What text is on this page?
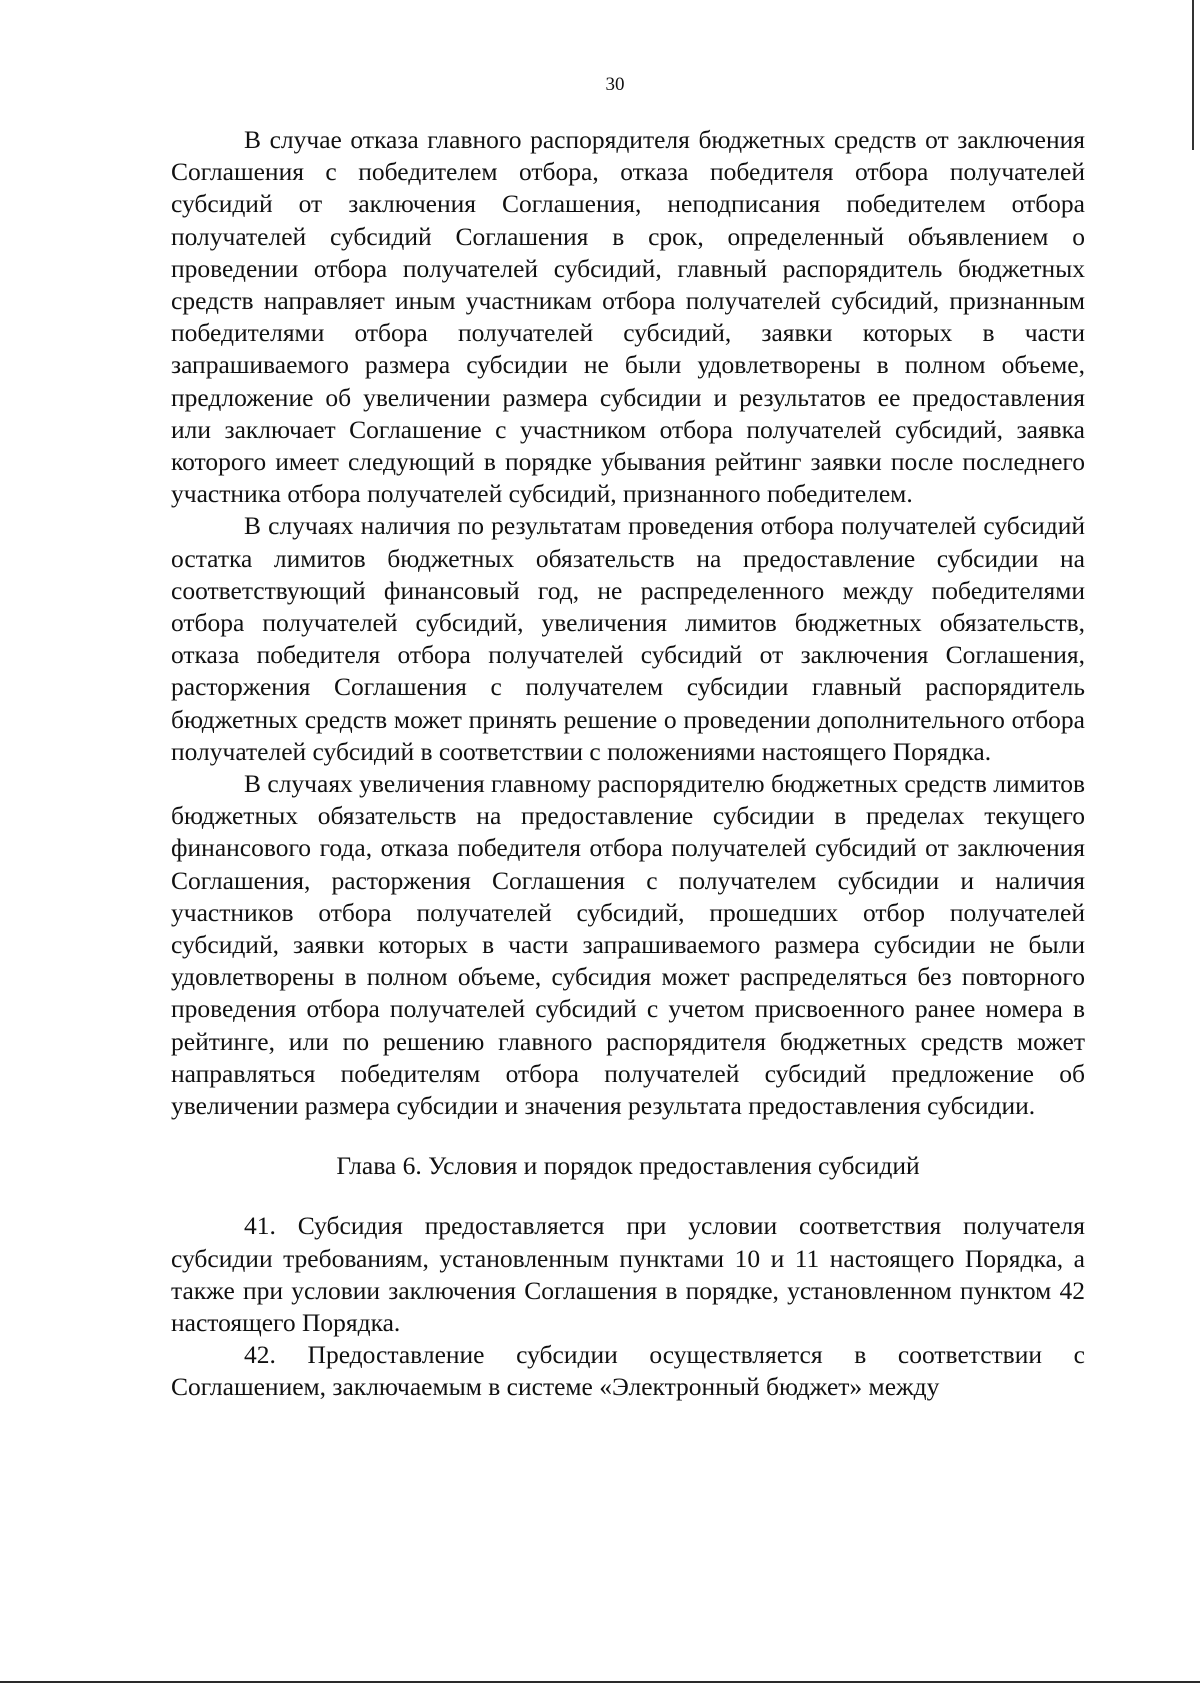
30

В случае отказа главного распорядителя бюджетных средств от заключения Соглашения с победителем отбора, отказа победителя отбора получателей субсидий от заключения Соглашения, неподписания победителем отбора получателей субсидий Соглашения в срок, определенный объявлением о проведении отбора получателей субсидий, главный распорядитель бюджетных средств направляет иным участникам отбора получателей субсидий, признанным победителями отбора получателей субсидий, заявки которых в части запрашиваемого размера субсидии не были удовлетворены в полном объеме, предложение об увеличении размера субсидии и результатов ее предоставления или заключает Соглашение с участником отбора получателей субсидий, заявка которого имеет следующий в порядке убывания рейтинг заявки после последнего участника отбора получателей субсидий, признанного победителем.

В случаях наличия по результатам проведения отбора получателей субсидий остатка лимитов бюджетных обязательств на предоставление субсидии на соответствующий финансовый год, не распределенного между победителями отбора получателей субсидий, увеличения лимитов бюджетных обязательств, отказа победителя отбора получателей субсидий от заключения Соглашения, расторжения Соглашения с получателем субсидии главный распорядитель бюджетных средств может принять решение о проведении дополнительного отбора получателей субсидий в соответствии с положениями настоящего Порядка.

В случаях увеличения главному распорядителю бюджетных средств лимитов бюджетных обязательств на предоставление субсидии в пределах текущего финансового года, отказа победителя отбора получателей субсидий от заключения Соглашения, расторжения Соглашения с получателем субсидии и наличия участников отбора получателей субсидий, прошедших отбор получателей субсидий, заявки которых в части запрашиваемого размера субсидии не были удовлетворены в полном объеме, субсидия может распределяться без повторного проведения отбора получателей субсидий с учетом присвоенного ранее номера в рейтинге, или по решению главного распорядителя бюджетных средств может направляться победителям отбора получателей субсидий предложение об увеличении размера субсидии и значения результата предоставления субсидии.

Глава 6. Условия и порядок предоставления субсидий

41. Субсидия предоставляется при условии соответствия получателя субсидии требованиям, установленным пунктами 10 и 11 настоящего Порядка, а также при условии заключения Соглашения в порядке, установленном пунктом 42 настоящего Порядка.

42. Предоставление субсидии осуществляется в соответствии с Соглашением, заключаемым в системе «Электронный бюджет» между
